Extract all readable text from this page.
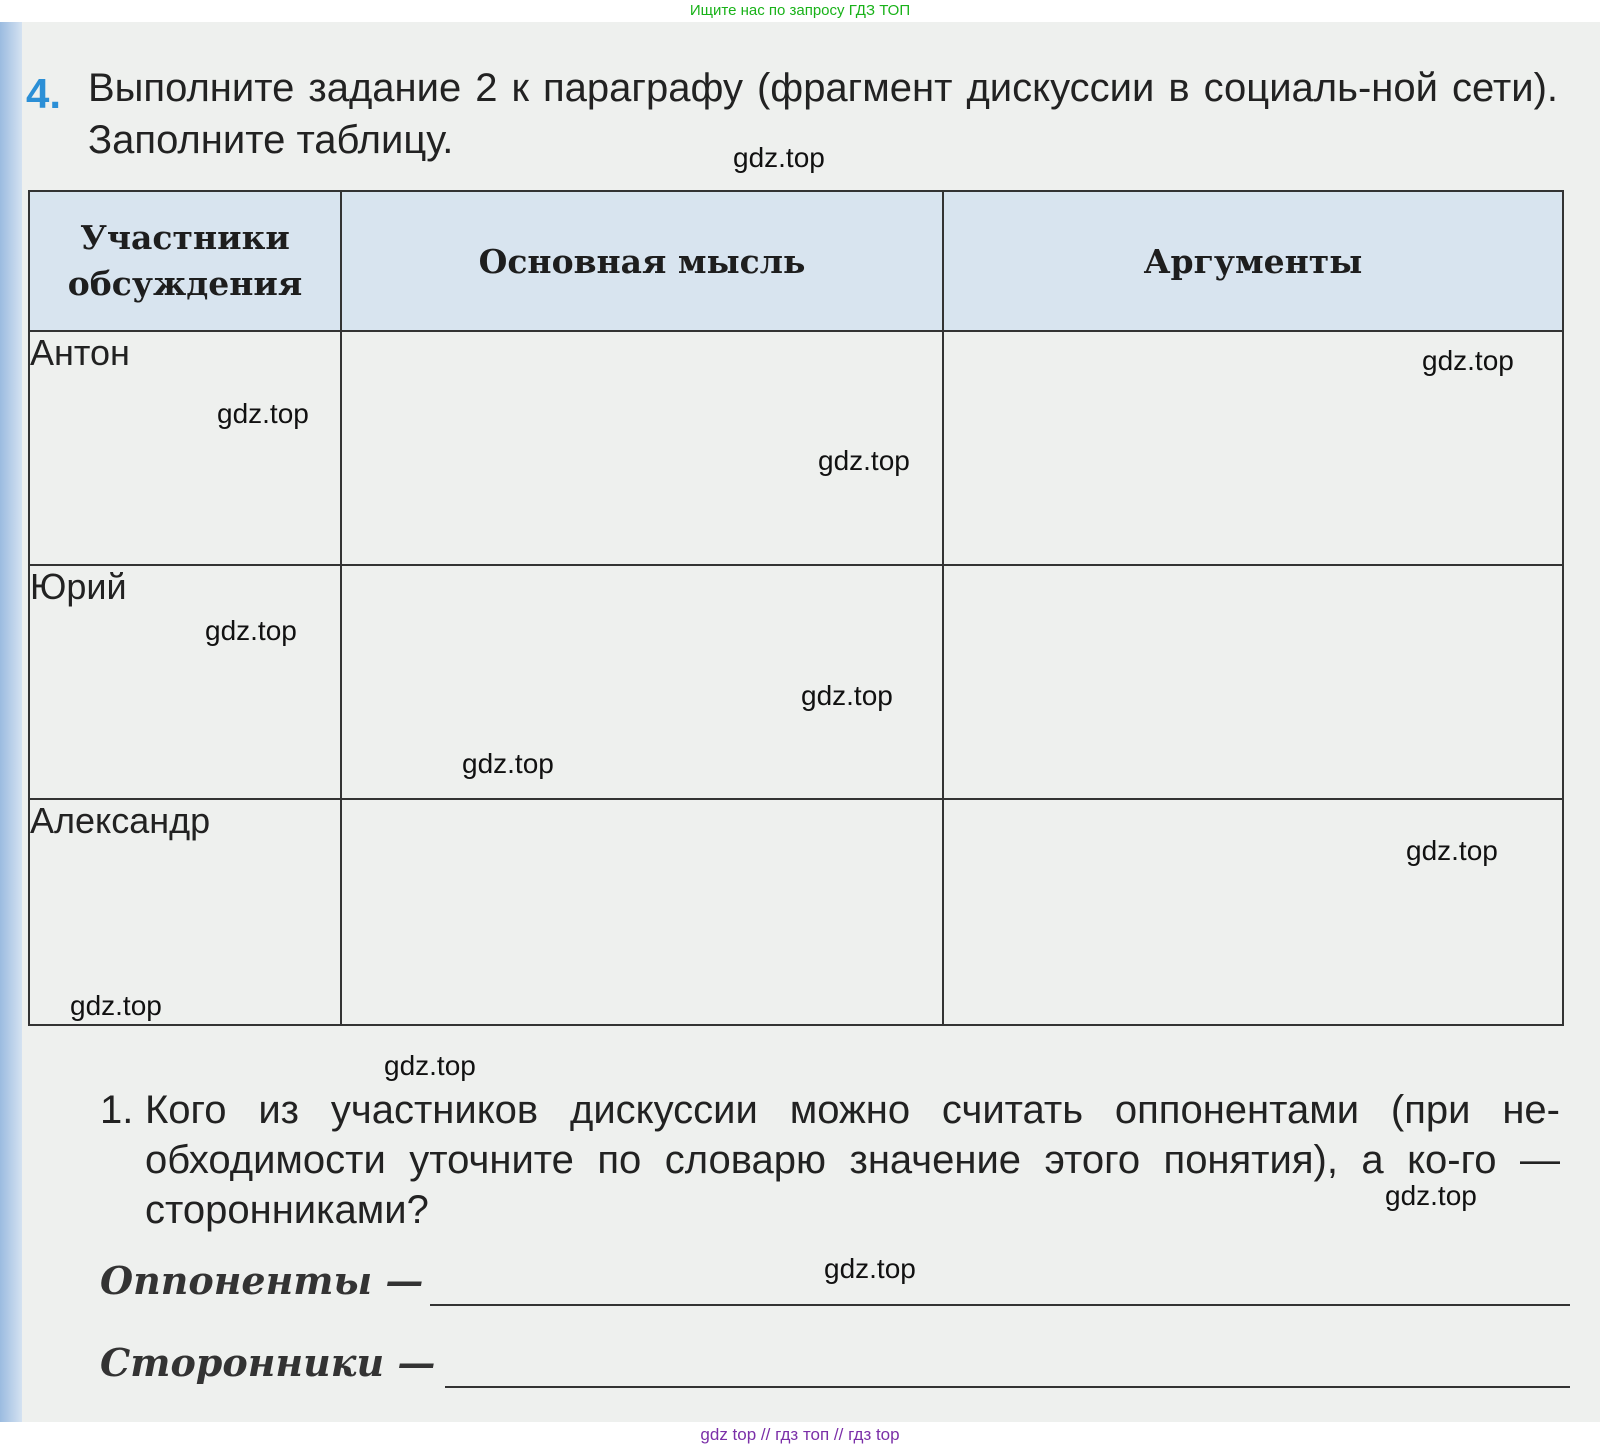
Ищите нас по запросу ГДЗ ТОП
4. Выполните задание 2 к параграфу (фрагмент дискуссии в социаль-ной сети). Заполните таблицу.
Участники обсуждения	Основная мысль	Аргументы
Антон		
Юрий		
Александр		
1. Кого из участников дискуссии можно считать оппонентами (при не-обходимости уточните по словарю значение этого понятия), а ко-го — сторонниками?
Оппоненты —
Сторонники —
gdz.top
gdz.top
gdz.top
gdz.top
gdz.top
gdz.top
gdz.top
gdz.top
gdz.top
gdz.top
gdz.top
gdz.top
gdz top // гдз топ // гдз top
